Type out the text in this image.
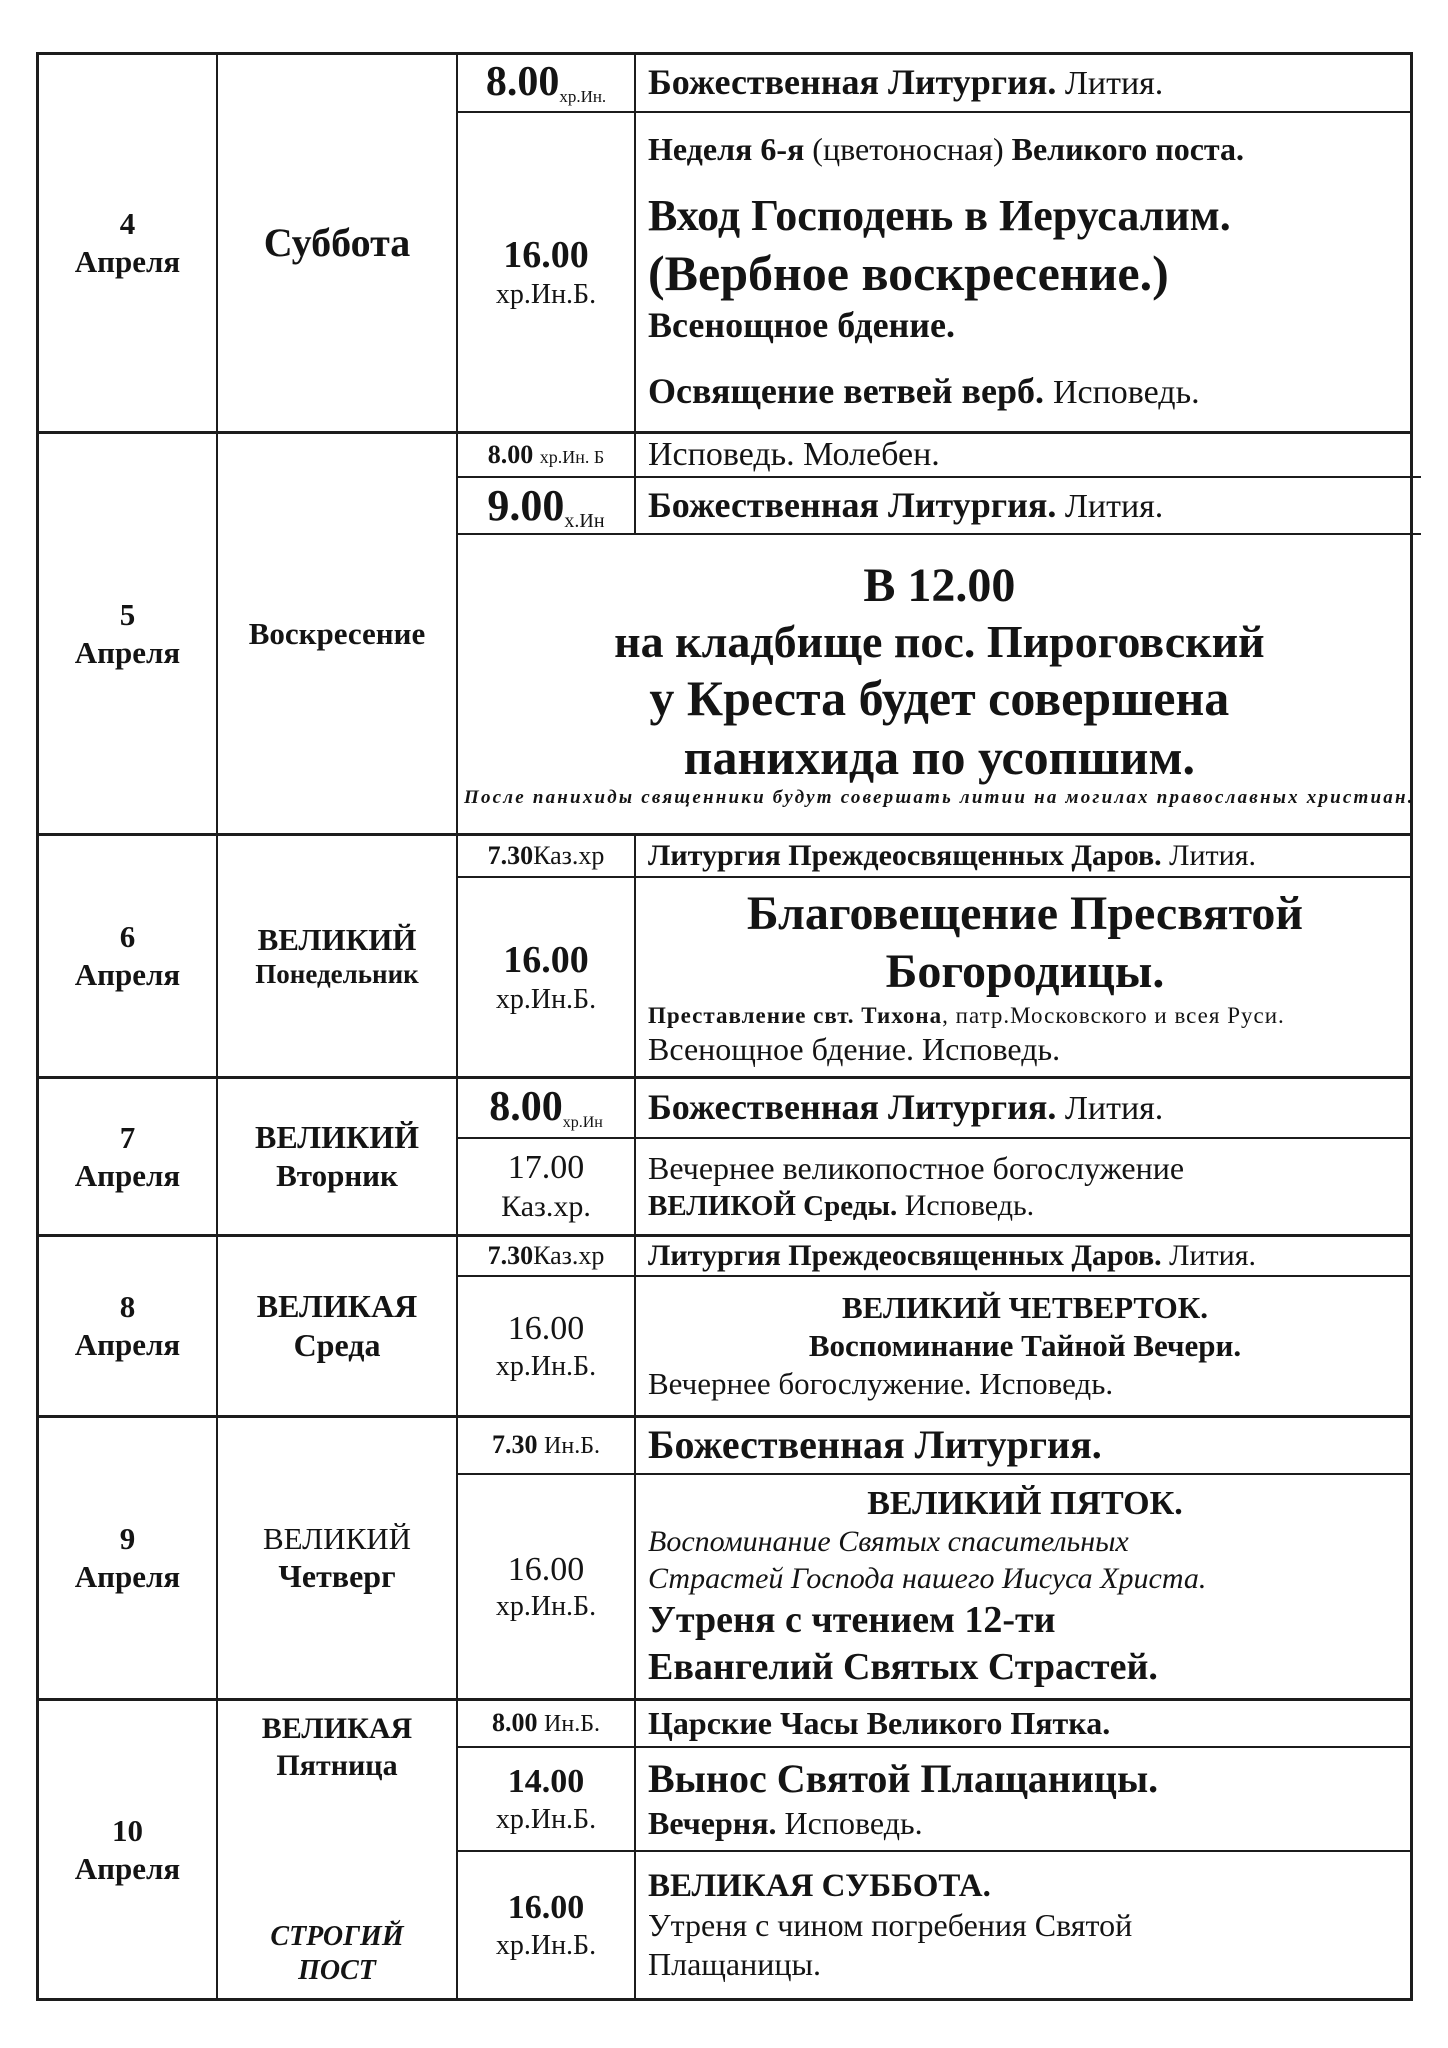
4
Апреля Суббота
8.00хр.Ин. Божественная Литургия. Лития.
16.00
хр.Ин.Б.
Неделя 6-я (цветоносная) Великого поста.
Вход Господень в Иерусалим.
(Вербное воскресение.)
Всенощное бдение.
Освящение ветвей верб. Исповедь.
5
Апреля
Воскресение
8.00 хр.Ин. Б Исповедь. Молебен.
9.00х.Ин Божественная Литургия. Лития.
В 12.00
на кладбище пос. Пироговский
у Креста будет совершена
панихида по усопшим.
После панихиды священники будут совершать литии на могилах православных христиан.
6
Апреля
ВЕЛИКИЙ
Понедельник
7.30Каз.хр Литургия Преждеосвященных Даров. Лития.
16.00
хр.Ин.Б.
Благовещение Пресвятой
Богородицы.
Преставление свт. Тихона, патр.Московского и всея Руси.
Всенощное бдение. Исповедь.
7
Апреля
ВЕЛИКИЙ
Вторник
8.00хр.Ин Божественная Литургия. Лития.
17.00
Каз.хр.
Вечернее великопостное богослужение
ВЕЛИКОЙ Среды. Исповедь.
8
Апреля
ВЕЛИКАЯ
Среда
7.30Каз.хр Литургия Преждеосвященных Даров. Лития.
16.00
хр.Ин.Б.
ВЕЛИКИЙ ЧЕТВЕРТОК.
Воспоминание Тайной Вечери.
Вечернее богослужение. Исповедь.
9
Апреля
ВЕЛИКИЙ
Четверг
7.30 Ин.Б. Божественная Литургия.
16.00
хр.Ин.Б.
ВЕЛИКИЙ ПЯТОК.
Воспоминание Святых спасительных
Страстей Господа нашего Иисуса Христа.
Утреня с чтением 12-ти
Евангелий Святых Страстей.
10
Апреля
ВЕЛИКАЯ
Пятница
СТРОГИЙ
ПОСТ
8.00 Ин.Б. Царские Часы Великого Пятка.
14.00
хр.Ин.Б.
Вынос Святой Плащаницы.
Вечерня. Исповедь.
16.00
хр.Ин.Б.
ВЕЛИКАЯ СУББОТА.
Утреня с чином погребения Святой
Плащаницы.
